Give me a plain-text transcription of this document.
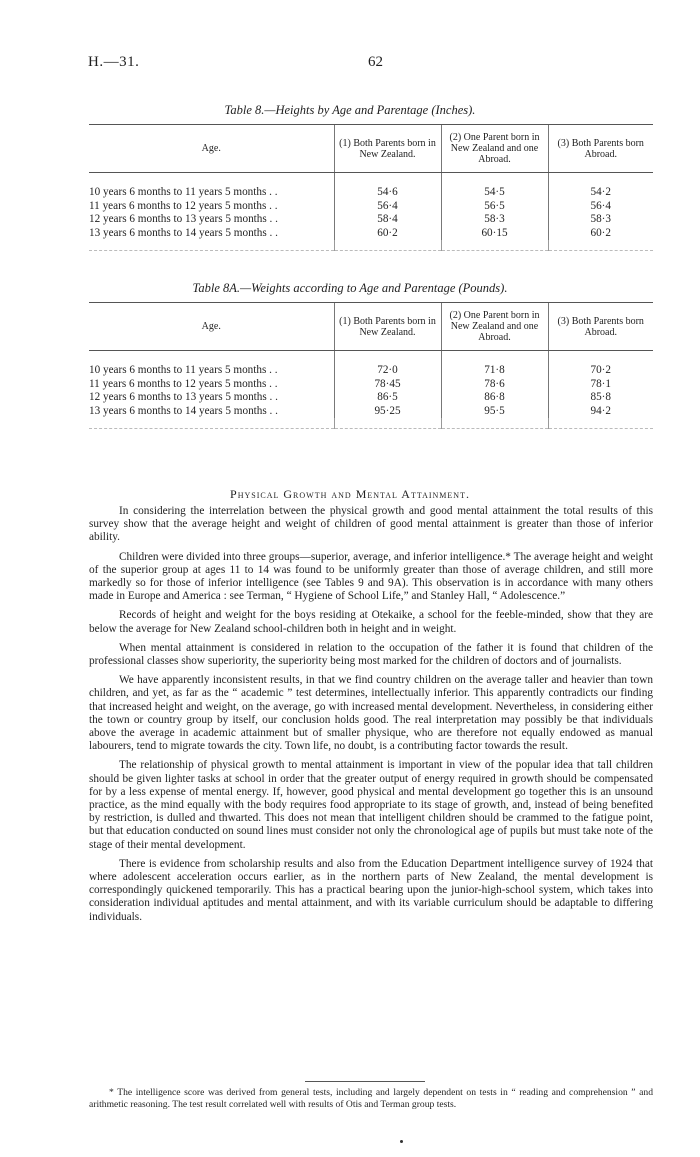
H.—31.	62
Table 8.—Heights by Age and Parentage (Inches).
Age.	(1) Both Parents born in New Zealand.	(2) One Parent born in New Zealand and one Abroad.	(3) Both Parents born Abroad.

10 years 6 months to 11 years 5 months . .	54·6	54·5	54·2
11 years 6 months to 12 years 5 months . .	56·4	56·5	56·4
12 years 6 months to 13 years 5 months . .	58·4	58·3	58·3
13 years 6 months to 14 years 5 months . .	60·2	60·15	60·2

Table 8A.—Weights according to Age and Parentage (Pounds).
Age.	(1) Both Parents born in New Zealand.	(2) One Parent born in New Zealand and one Abroad.	(3) Both Parents born Abroad.

10 years 6 months to 11 years 5 months . .	72·0	71·8	70·2
11 years 6 months to 12 years 5 months . .	78·45	78·6	78·1
12 years 6 months to 13 years 5 months . .	86·5	86·8	85·8
13 years 6 months to 14 years 5 months . .	95·25	95·5	94·2

Physical Growth and Mental Attainment.

In considering the interrelation between the physical growth and good mental attainment the total results of this survey show that the average height and weight of children of good mental attainment is greater than those of inferior ability.

Children were divided into three groups—superior, average, and inferior intelligence.* The average height and weight of the superior group at ages 11 to 14 was found to be uniformly greater than those of average children, and still more markedly so for those of inferior intelligence (see Tables 9 and 9A). This observation is in accordance with many others made in Europe and America : see Terman, “ Hygiene of School Life,” and Stanley Hall, “ Adolescence.”

Records of height and weight for the boys residing at Otekaike, a school for the feeble-minded, show that they are below the average for New Zealand school-children both in height and in weight.

When mental attainment is considered in relation to the occupation of the father it is found that children of the professional classes show superiority, the superiority being most marked for the children of doctors and of journalists.

We have apparently inconsistent results, in that we find country children on the average taller and heavier than town children, and yet, as far as the “ academic ” test determines, intellectually inferior. This apparently contradicts our finding that increased height and weight, on the average, go with increased mental development. Nevertheless, in considering either the town or country group by itself, our conclusion holds good. The real interpretation may possibly be that individuals above the average in academic attainment but of smaller physique, who are therefore not equally endowed as manual labourers, tend to migrate towards the city. Town life, no doubt, is a contributing factor towards the result.

The relationship of physical growth to mental attainment is important in view of the popular idea that tall children should be given lighter tasks at school in order that the greater output of energy required in growth should be compensated for by a less expense of mental energy. If, however, good physical and mental development go together this is an unsound practice, as the mind equally with the body requires food appropriate to its stage of growth, and, instead of being benefited by restriction, is dulled and thwarted. This does not mean that intelligent children should be crammed to the fatigue point, but that education conducted on sound lines must consider not only the chronological age of pupils but must take note of the stage of their mental development.

There is evidence from scholarship results and also from the Education Department intelligence survey of 1924 that where adolescent acceleration occurs earlier, as in the northern parts of New Zealand, the mental development is correspondingly quickened temporarily. This has a practical bearing upon the junior-high-school system, which takes into consideration individual aptitudes and mental attainment, and with its variable curriculum should be adaptable to differing individuals.

* The intelligence score was derived from general tests, including and largely dependent on tests in “ reading and comprehension ” and arithmetic reasoning. The test result correlated well with results of Otis and Terman group tests.
